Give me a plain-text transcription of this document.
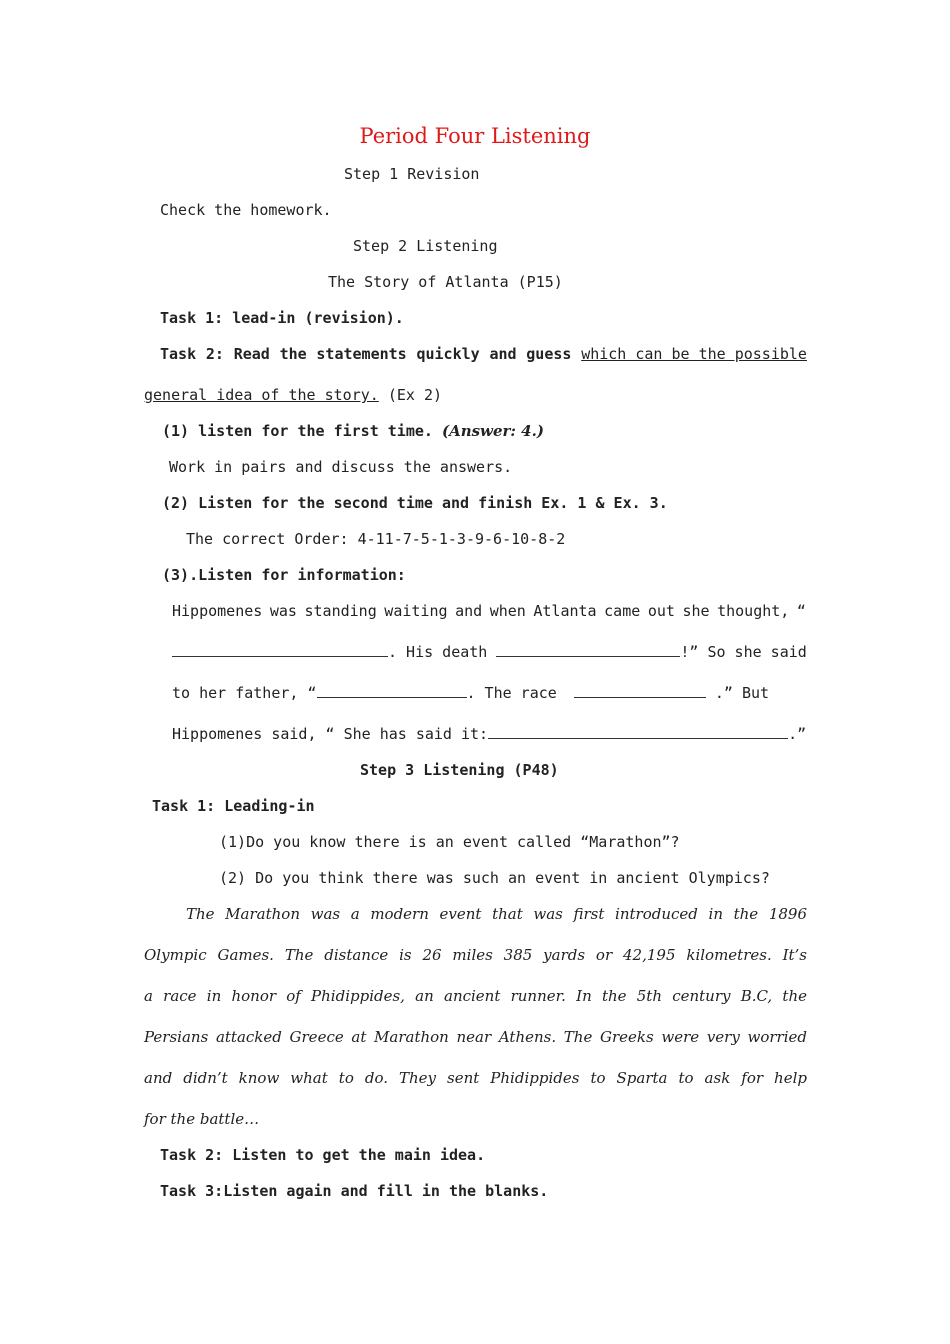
Period Four Listening
Step 1 Revision
Check the homework.
Step 2 Listening
The Story of Atlanta (P15)
Task 1: lead-in (revision).
Task 2: Read the statements quickly and guess which can be the possible
general idea of the story. (Ex 2)
(1) listen for the first time. (Answer: 4.)
Work in pairs and discuss the answers.
(2) Listen for the second time and finish Ex. 1 & Ex. 3.
The correct Order: 4-11-7-5-1-3-9-6-10-8-2
(3).Listen for information:
Hippomenes was standing waiting and when Atlanta came out she thought, “
. His death	!” So she said
to her father, “	. The race	.” But
Hippomenes said, “ She has said it:	.”
Step 3 Listening (P48)
Task 1: Leading-in
(1)Do you know there is an event called “Marathon”?
(2) Do you think there was such an event in ancient Olympics?
The Marathon was a modern event that was first introduced in the 1896
Olympic Games. The distance is 26 miles 385 yards or 42,195 kilometres. It’s
a race in honor of Phidippides, an ancient runner. In the 5th century B.C, the
Persians attacked Greece at Marathon near Athens. The Greeks were very worried
and didn’t know what to do. They sent Phidippides to Sparta to ask for help
for the battle…
Task 2: Listen to get the main idea.
Task 3:Listen again and fill in the blanks.
